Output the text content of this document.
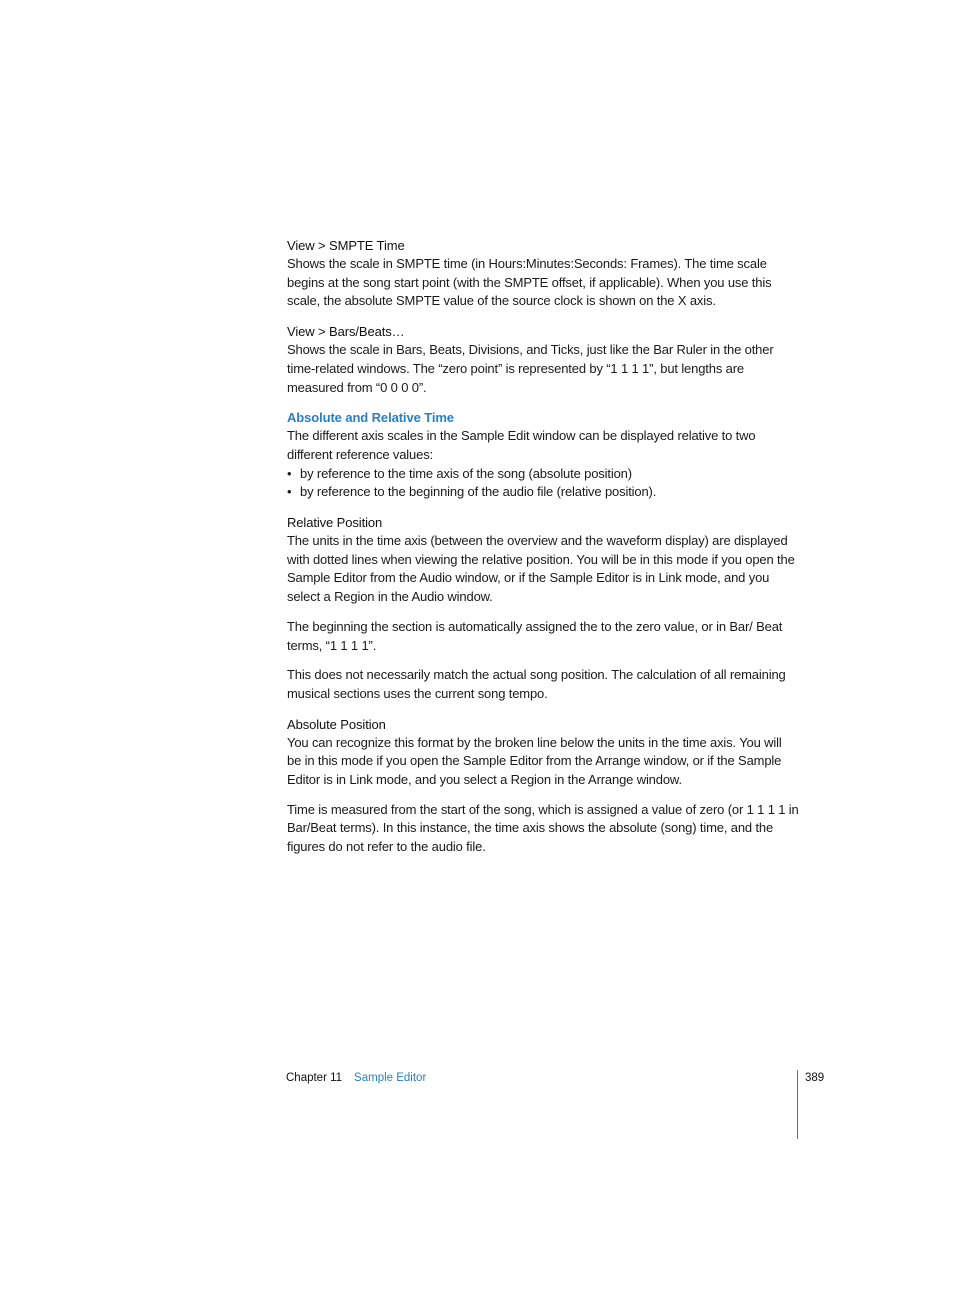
View > SMPTE Time

Shows the scale in SMPTE time (in Hours:Minutes:Seconds: Frames). The time scale begins at the song start point (with the SMPTE offset, if applicable). When you use this scale, the absolute SMPTE value of the source clock is shown on the X axis.

View > Bars/Beats…

Shows the scale in Bars, Beats, Divisions, and Ticks, just like the Bar Ruler in the other time-related windows. The “zero point” is represented by “1 1 1 1”, but lengths are measured from “0 0 0 0”.

Absolute and Relative Time

The different axis scales in the Sample Edit window can be displayed relative to two different reference values:

• by reference to the time axis of the song (absolute position)
• by reference to the beginning of the audio file (relative position).
Relative Position

The units in the time axis (between the overview and the waveform display) are displayed with dotted lines when viewing the relative position. You will be in this mode if you open the Sample Editor from the Audio window, or if the Sample Editor is in Link mode, and you select a Region in the Audio window.

The beginning the section is automatically assigned the to the zero value, or in Bar/ Beat terms, “1 1 1 1”.

This does not necessarily match the actual song position. The calculation of all remaining musical sections uses the current song tempo.

Absolute Position

You can recognize this format by the broken line below the units in the time axis. You will be in this mode if you open the Sample Editor from the Arrange window, or if the Sample Editor is in Link mode, and you select a Region in the Arrange window.

Time is measured from the start of the song, which is assigned a value of zero (or 1 1 1 1 in Bar/Beat terms). In this instance, the time axis shows the absolute (song) time, and the figures do not refer to the audio file.

Chapter 11 Sample Editor	389
